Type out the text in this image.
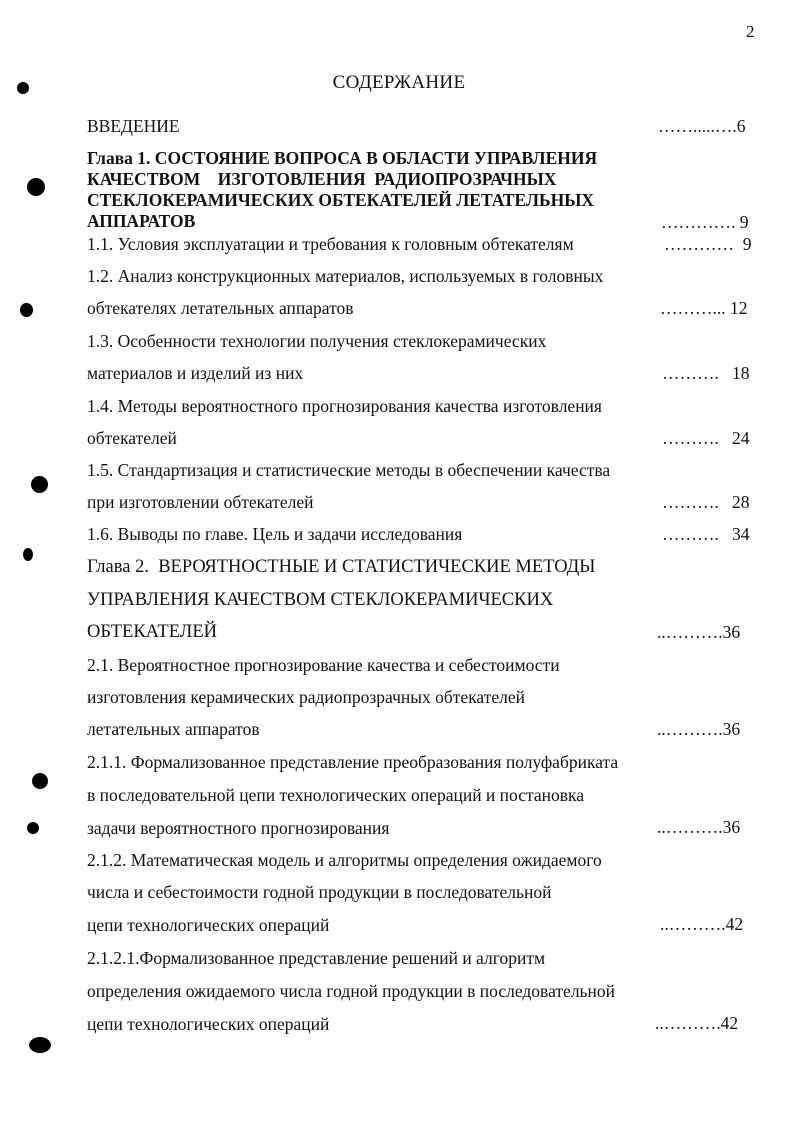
2
СОДЕРЖАНИЕ
ВВЕДЕНИЕ	…….....….6
Глава 1. СОСТОЯНИЕ ВОПРОСА В ОБЛАСТИ УПРАВЛЕНИЯ
КАЧЕСТВОМ    ИЗГОТОВЛЕНИЯ  РАДИОПРОЗРАЧНЫХ
СТЕКЛОКЕРАМИЧЕСКИХ ОБТЕКАТЕЛЕЙ ЛЕТАТЕЛЬНЫХ
АППАРАТОВ	…………. 9
1.1. Условия эксплуатации и требования к головным обтекателям	…………  9
1.2. Анализ конструкционных материалов, используемых в головных
обтекателях летательных аппаратов	………... 12
1.3. Особенности технологии получения стеклокерамических
материалов и изделий из них	……….   18
1.4. Методы вероятностного прогнозирования качества изготовления
обтекателей	……….   24
1.5. Стандартизация и статистические методы в обеспечении качества
при изготовлении обтекателей	……….   28
1.6. Выводы по главе. Цель и задачи исследования	……….   34
Глава 2.  ВЕРОЯТНОСТНЫЕ И СТАТИСТИЧЕСКИЕ МЕТОДЫ
УПРАВЛЕНИЯ КАЧЕСТВОМ СТЕКЛОКЕРАМИЧЕСКИХ
ОБТЕКАТЕЛЕЙ	..……….36
2.1. Вероятностное прогнозирование качества и себестоимости
изготовления керамических радиопрозрачных обтекателей
летательных аппаратов	..……….36
2.1.1. Формализованное представление преобразования полуфабриката
в последовательной цепи технологических операций и постановка
задачи вероятностного прогнозирования	..……….36
2.1.2. Математическая модель и алгоритмы определения ожидаемого
числа и себестоимости годной продукции в последовательной
цепи технологических операций	..……….42
2.1.2.1.Формализованное представление решений и алгоритм
определения ожидаемого числа годной продукции в последовательной
цепи технологических операций	..……….42
